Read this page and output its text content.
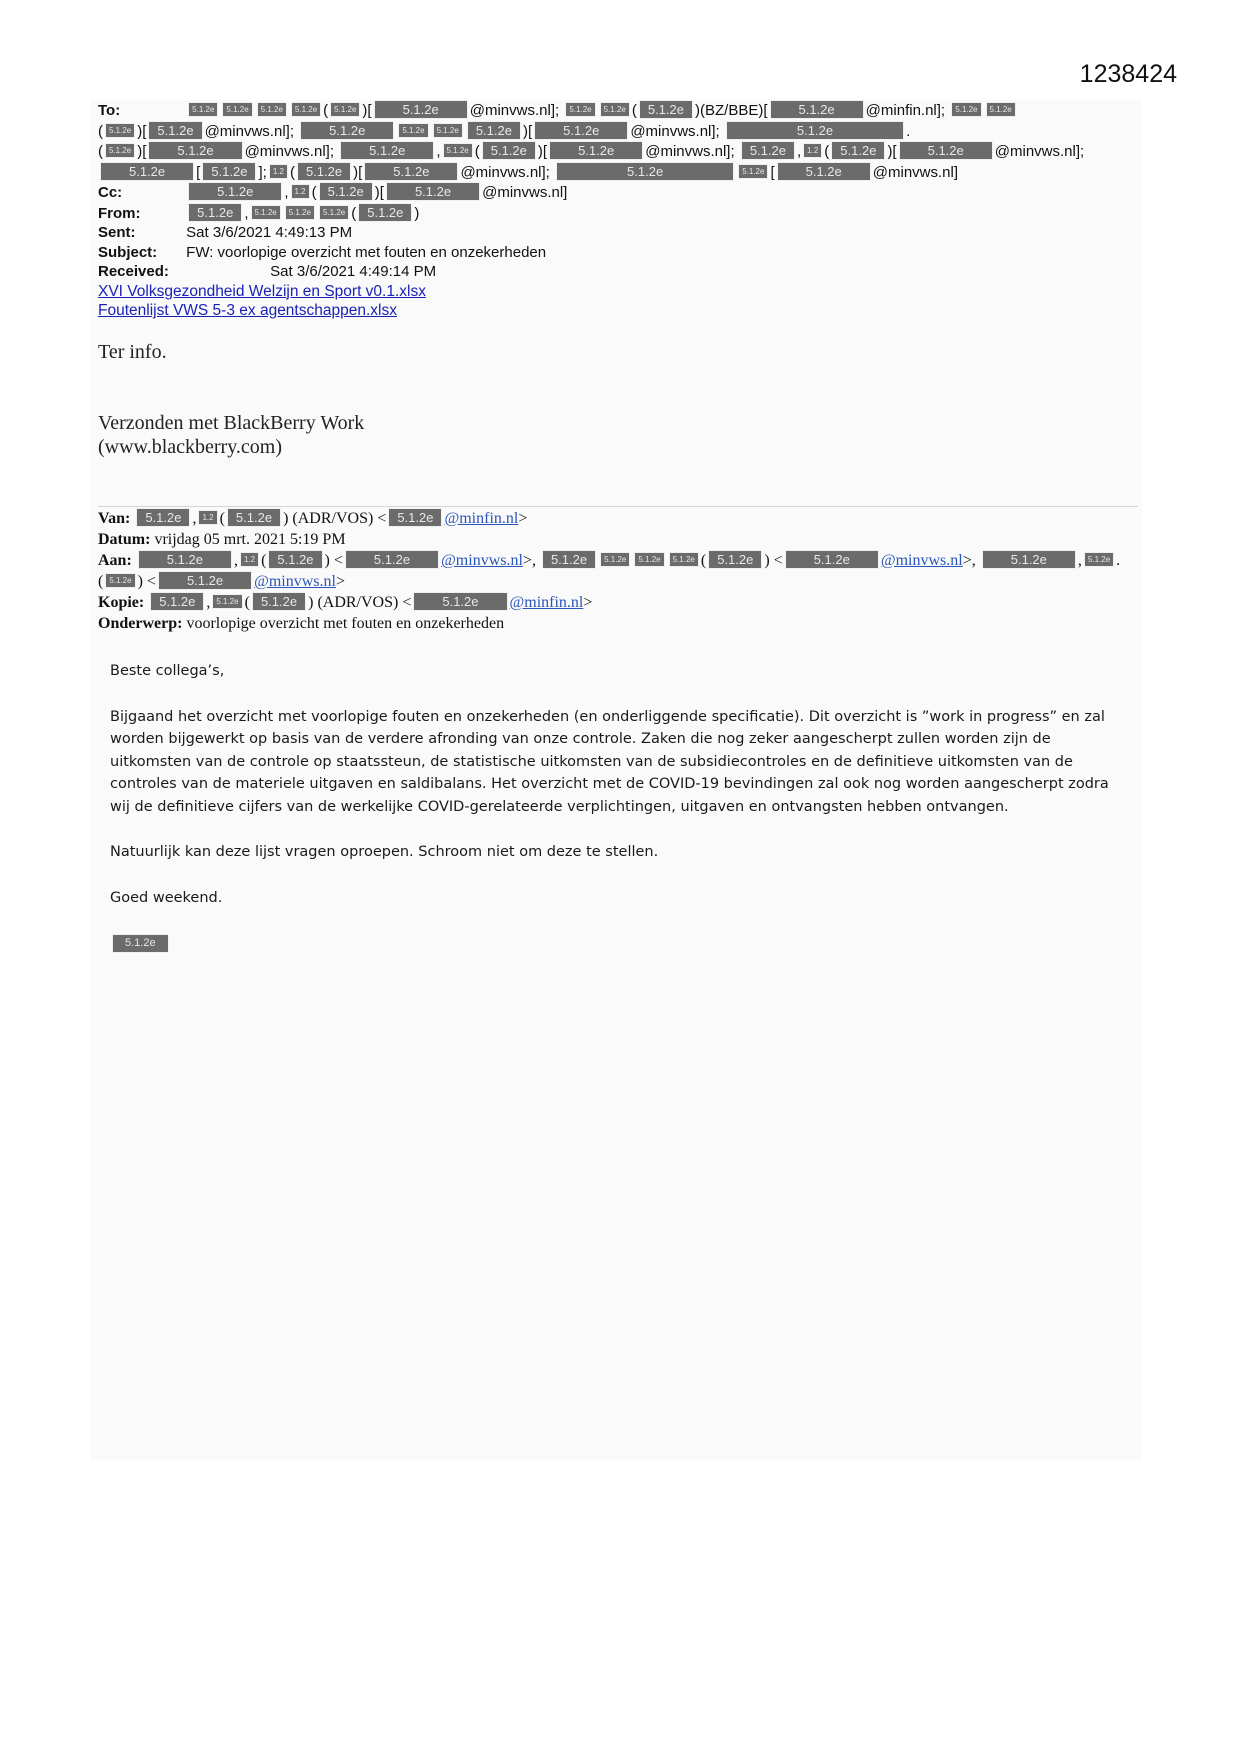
1238424
To:	5.1.2e 5.1.2e 5.1.2e 5.1.2e ( 5.1.2e )[ 5.1.2e @minvws.nl]; 5.1.2e 5.1.2e ( 5.1.2e )(BZ/BBE)[ 5.1.2e @minfin.nl]; 5.1.2e 5.1.2e
( 5.1.2e )[ 5.1.2e @minvws.nl];	5.1.2e	5.1.2e 5.1.2e 5.1.2e )[ 5.1.2e @minvws.nl];	5.1.2e	.
( 5.1.2e )[ 5.1.2e @minvws.nl];	5.1.2e , 5.1.2e ( 5.1.2e )[ 5.1.2e @minvws.nl]; 5.1.2e , 1.2 ( 5.1.2e )[ 5.1.2e @minvws.nl];
5.1.2e [ 5.1.2e ]; 1.2 ( 5.1.2e )[ 5.1.2e @minvws.nl];	5.1.2e	5.1.2e [ 5.1.2e @minvws.nl]
Cc:	5.1.2e , 1.2 ( 5.1.2e )[ 5.1.2e @minvws.nl]
From:	5.1.2e , 5.1.2e 5.1.2e 5.1.2e ( 5.1.2e )
Sent:	Sat 3/6/2021 4:49:13 PM
Subject: FW: voorlopige overzicht met fouten en onzekerheden
Received:	Sat 3/6/2021 4:49:14 PM
XVI Volksgezondheid Welzijn en Sport v0.1.xlsx
Foutenlijst VWS 5-3 ex agentschappen.xlsx
Ter info.
Verzonden met BlackBerry Work
(www.blackberry.com)
Van: 5.1.2e , 1.2 ( 5.1.2e ) (ADR/VOS) < 5.1.2e @minfin.nl>
Datum: vrijdag 05 mrt. 2021 5:19 PM
Aan:	5.1.2e , 1.2 ( 5.1.2e ) < 5.1.2e @minvws.nl>, 5.1.2e 5.1.2e 5.1.2e 5.1.2e ( 5.1.2e ) < 5.1.2e @minvws.nl>, 5.1.2e , 5.1.2e .
( 5.1.2e ) < 5.1.2e @minvws.nl>
Kopie: 5.1.2e , 5.1.2e ( 5.1.2e ) (ADR/VOS) < 5.1.2e @minfin.nl>
Onderwerp: voorlopige overzicht met fouten en onzekerheden

Beste collega’s,

Bijgaand het overzicht met voorlopige fouten en onzekerheden (en onderliggende specificatie). Dit overzicht is ”work in progress” en zal worden bijgewerkt op basis van de verdere afronding van onze controle. Zaken die nog zeker aangescherpt zullen worden zijn de uitkomsten van de controle op staatssteun, de statistische uitkomsten van de subsidiecontroles en de definitieve uitkomsten van de controles van de materiele uitgaven en saldibalans. Het overzicht met de COVID-19 bevindingen zal ook nog worden aangescherpt zodra wij de definitieve cijfers van de werkelijke COVID-gerelateerde verplichtingen, uitgaven en ontvangsten hebben ontvangen.

Natuurlijk kan deze lijst vragen oproepen. Schroom niet om deze te stellen.

Goed weekend.

5.1.2e
